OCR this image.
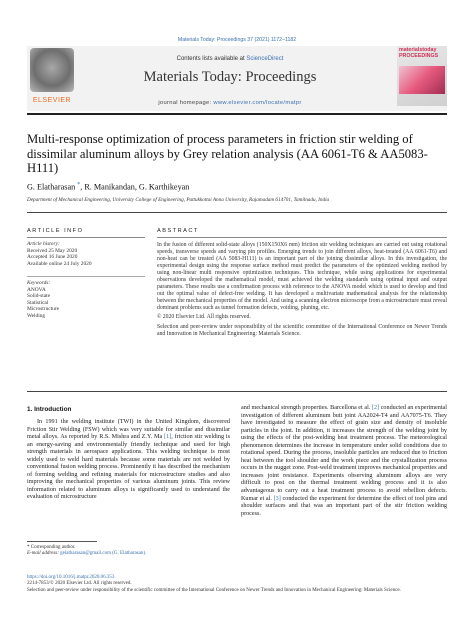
Materials Today: Proceedings 37 (2021) 1172–1182
ELSEVIER
Contents lists available at ScienceDirect
Materials Today: Proceedings
journal homepage: www.elsevier.com/locate/matpr
materialstoday PROCEEDINGS
Multi-response optimization of process parameters in friction stir welding of dissimilar aluminum alloys by Grey relation analysis (AA 6061-T6 & AA5083-H111)
G. Elatharasan *, R. Manikandan, G. Karthikeyan
Department of Mechanical Engineering, University College of Engineering, Pattukkottai Anna University, Rajamadam 614701, Tamilnadu, India
ARTICLE INFO
Article history:
Received 25 May 2020
Accepted 16 June 2020
Available online 24 July 2020
Keywords:
ANOVA
Solid-state
Statistical
Microstructure
Welding
ABSTRACT

In the fusion of different solid-state alloys (150X150X6 mm) friction stir welding techniques are carried out using rotational speeds, transverse speeds and varying pin profiles. Emerging trends to join different alloys, heat-treated (AA 6061-T6) and non-heat can be treated (AA 5083-H111) is an important part of the joining dissimilar alloys. In this investigation, the experimental design using the response surface method must predict the parameters of the optimized welding method by using non-linear multi responsive optimization techniques. This technique, while using applications for experimental observations developed the mathematical model, must achieved the welding standards using optimal input and output parameters. These results use a confirmation process with reference to the ANOVA model which is used to develop and find out the optimal value of defect-free welding. It has developed a multivariate mathematical analysis for the relationship between the mechanical properties of the model. And using a scanning electron microscope from a microstructure must reveal dominant problems such as tunnel formation defects, voiding, pluning, etc.

© 2020 Elsevier Ltd. All rights reserved.

Selection and peer-review under responsibility of the scientific committee of the International Conference on Newer Trends and Innovation in Mechanical Engineering: Materials Science.

1. Introduction
In 1991 the welding institute (TWI) in the United Kingdom, discovered Friction Stir Welding (FSW) which was very suitable for similar and dissimilar metal alloys. As reported by R.S. Mishra and Z.Y. Ma [1], friction stir welding is an energy-saving and environmentally friendly technique and used for high strength materials in aerospace applications. This welding technique is most widely used to weld hard materials because some materials are not welded by conventional fusion welding process. Prominently it has described the mechanism of forming welding and refining materials for microstructure studies and also improving the mechanical properties of various aluminum joints. This review information related to aluminum alloys is significantly used to understand the evaluation of microstructure
and mechanical strength properties. Barcellona et al. [2] conducted an experimental investigation of different aluminum butt joint AA2024-T4 and AA7075-T6. They have investigated to measure the effect of grain size and density of insoluble particles in the joint. In addition, it increases the strength of the welding joint by using the effects of the post-welding heat treatment process. The meteorological phenomenon determines the increase in temperature under solid conditions due to rotational speed. During the process, insoluble particles are reduced due to friction heat between the tool shoulder and the work piece and the crystallization process occurs in the nugget zone. Post-weld treatment improves mechanical properties and increases joint resistance. Experiments observing aluminum alloys are very difficult to post on the thermal treatment welding process and it is also advantageous to carry out a heat treatment process to avoid rebellion defects. Kumar et al. [3] conducted the experiment for determine the effect of tool pins and shoulder surfaces and that was an important part of the stir friction welding process.
* Corresponding author.
E-mail address: gelatharasan@gmail.com (G. Elatharasan).
https://doi.org/10.1016/j.matpr.2020.06.353
2214-7853/© 2020 Elsevier Ltd. All rights reserved.
Selection and peer-review under responsibility of the scientific committee of the International Conference on Newer Trends and Innovation in Mechanical Engineering: Materials Science.
